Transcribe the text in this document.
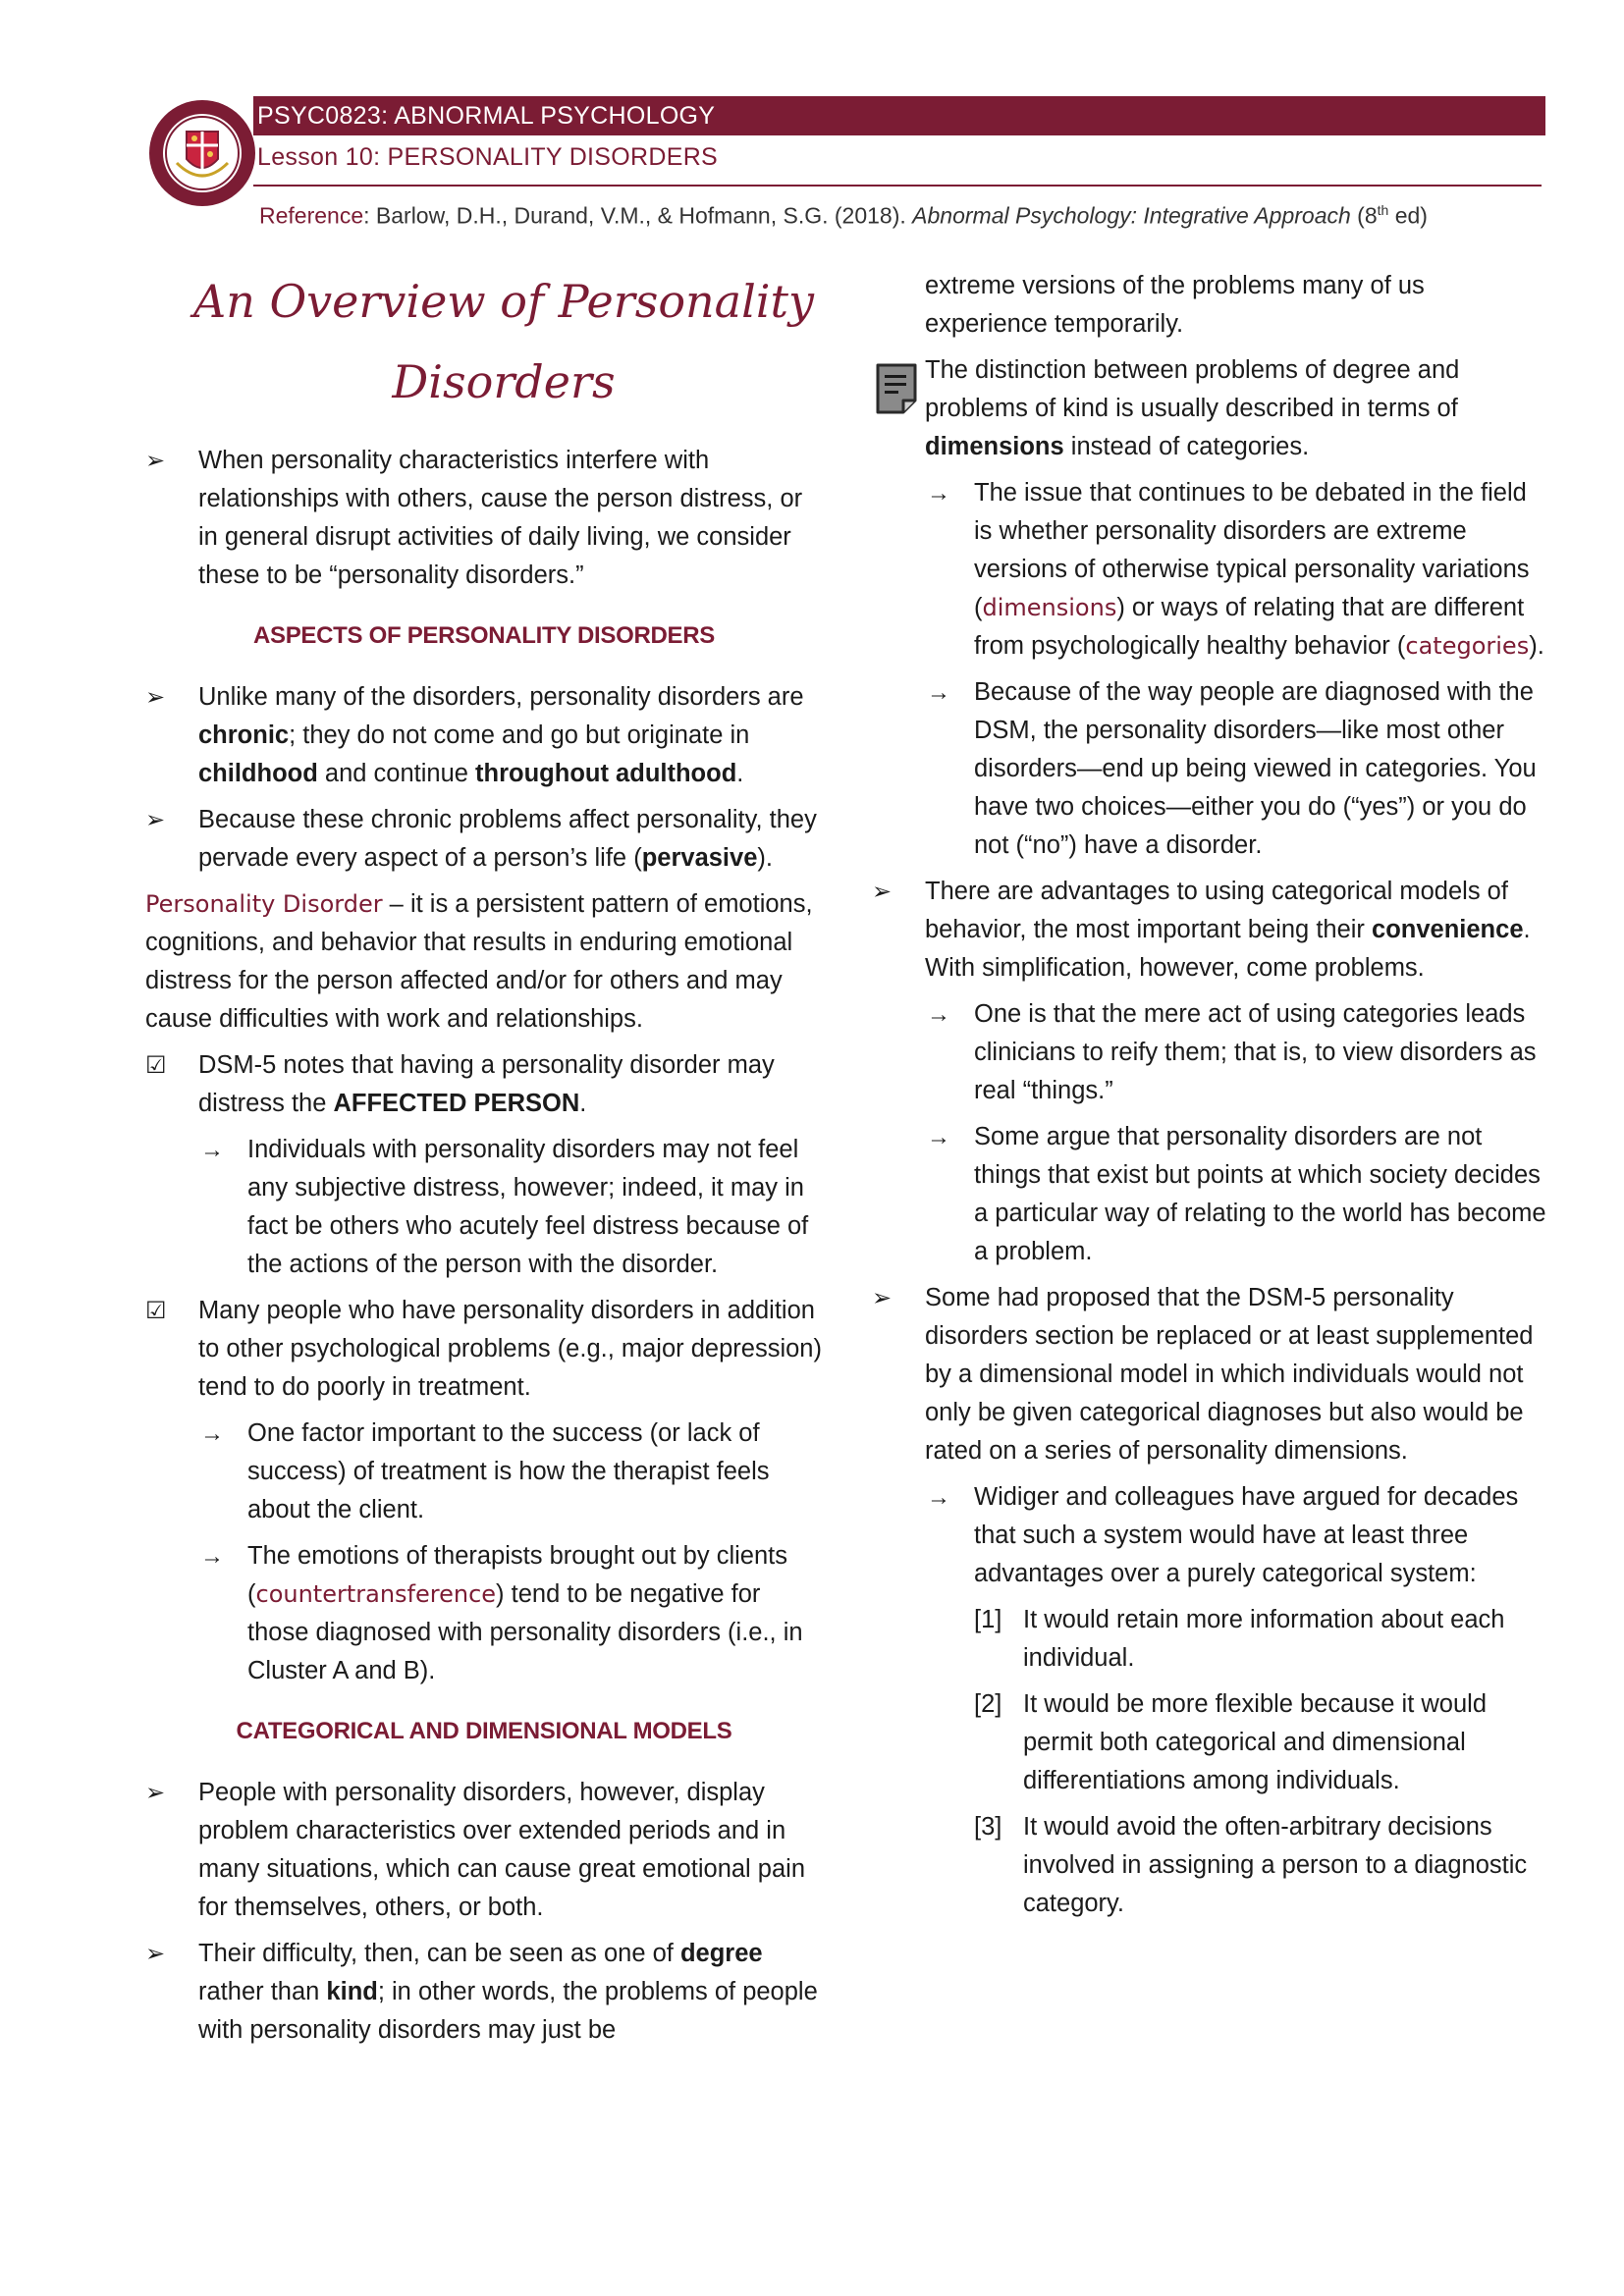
PSYC0823: ABNORMAL PSYCHOLOGY
Lesson 10: PERSONALITY DISORDERS
Reference: Barlow, D.H., Durand, V.M., & Hofmann, S.G. (2018). Abnormal Psychology: Integrative Approach (8th ed)
An Overview of Personality
Disorders
➢	When personality characteristics interfere with relationships with others, cause the person distress, or in general disrupt activities of daily living, we consider these to be “personality disorders.”
ASPECTS OF PERSONALITY DISORDERS
➢	Unlike many of the disorders, personality disorders are chronic; they do not come and go but originate in childhood and continue throughout adulthood.
➢	Because these chronic problems affect personality, they pervade every aspect of a person’s life (pervasive).
Personality Disorder – it is a persistent pattern of emotions, cognitions, and behavior that results in enduring emotional distress for the person affected and/or for others and may cause difficulties with work and relationships.
☑	DSM-5 notes that having a personality disorder may distress the AFFECTED PERSON.
→ Individuals with personality disorders may not feel any subjective distress, however; indeed, it may in fact be others who acutely feel distress because of the actions of the person with the disorder.
☑	Many people who have personality disorders in addition to other psychological problems (e.g., major depression) tend to do poorly in treatment.
→ One factor important to the success (or lack of success) of treatment is how the therapist feels about the client.
→ The emotions of therapists brought out by clients (countertransference) tend to be negative for those diagnosed with personality disorders (i.e., in Cluster A and B).
CATEGORICAL AND DIMENSIONAL MODELS
➢	People with personality disorders, however, display problem characteristics over extended periods and in many situations, which can cause great emotional pain for themselves, others, or both.
➢	Their difficulty, then, can be seen as one of degree rather than kind; in other words, the problems of people with personality disorders may just be
extreme versions of the problems many of us experience temporarily.
The distinction between problems of degree and problems of kind is usually described in terms of dimensions instead of categories.
→ The issue that continues to be debated in the field is whether personality disorders are extreme versions of otherwise typical personality variations (dimensions) or ways of relating that are different from psychologically healthy behavior (categories).
→ Because of the way people are diagnosed with the DSM, the personality disorders—like most other disorders—end up being viewed in categories. You have two choices—either you do (“yes”) or you do not (“no”) have a disorder.
➢	There are advantages to using categorical models of behavior, the most important being their convenience. With simplification, however, come problems.
→ One is that the mere act of using categories leads clinicians to reify them; that is, to view disorders as real “things.”
→ Some argue that personality disorders are not things that exist but points at which society decides a particular way of relating to the world has become a problem.
➢	Some had proposed that the DSM-5 personality disorders section be replaced or at least supplemented by a dimensional model in which individuals would not only be given categorical diagnoses but also would be rated on a series of personality dimensions.
→ Widiger and colleagues have argued for decades that such a system would have at least three advantages over a purely categorical system:
[1] It would retain more information about each individual.
[2] It would be more flexible because it would permit both categorical and dimensional differentiations among individuals.
[3] It would avoid the often-arbitrary decisions involved in assigning a person to a diagnostic category.
